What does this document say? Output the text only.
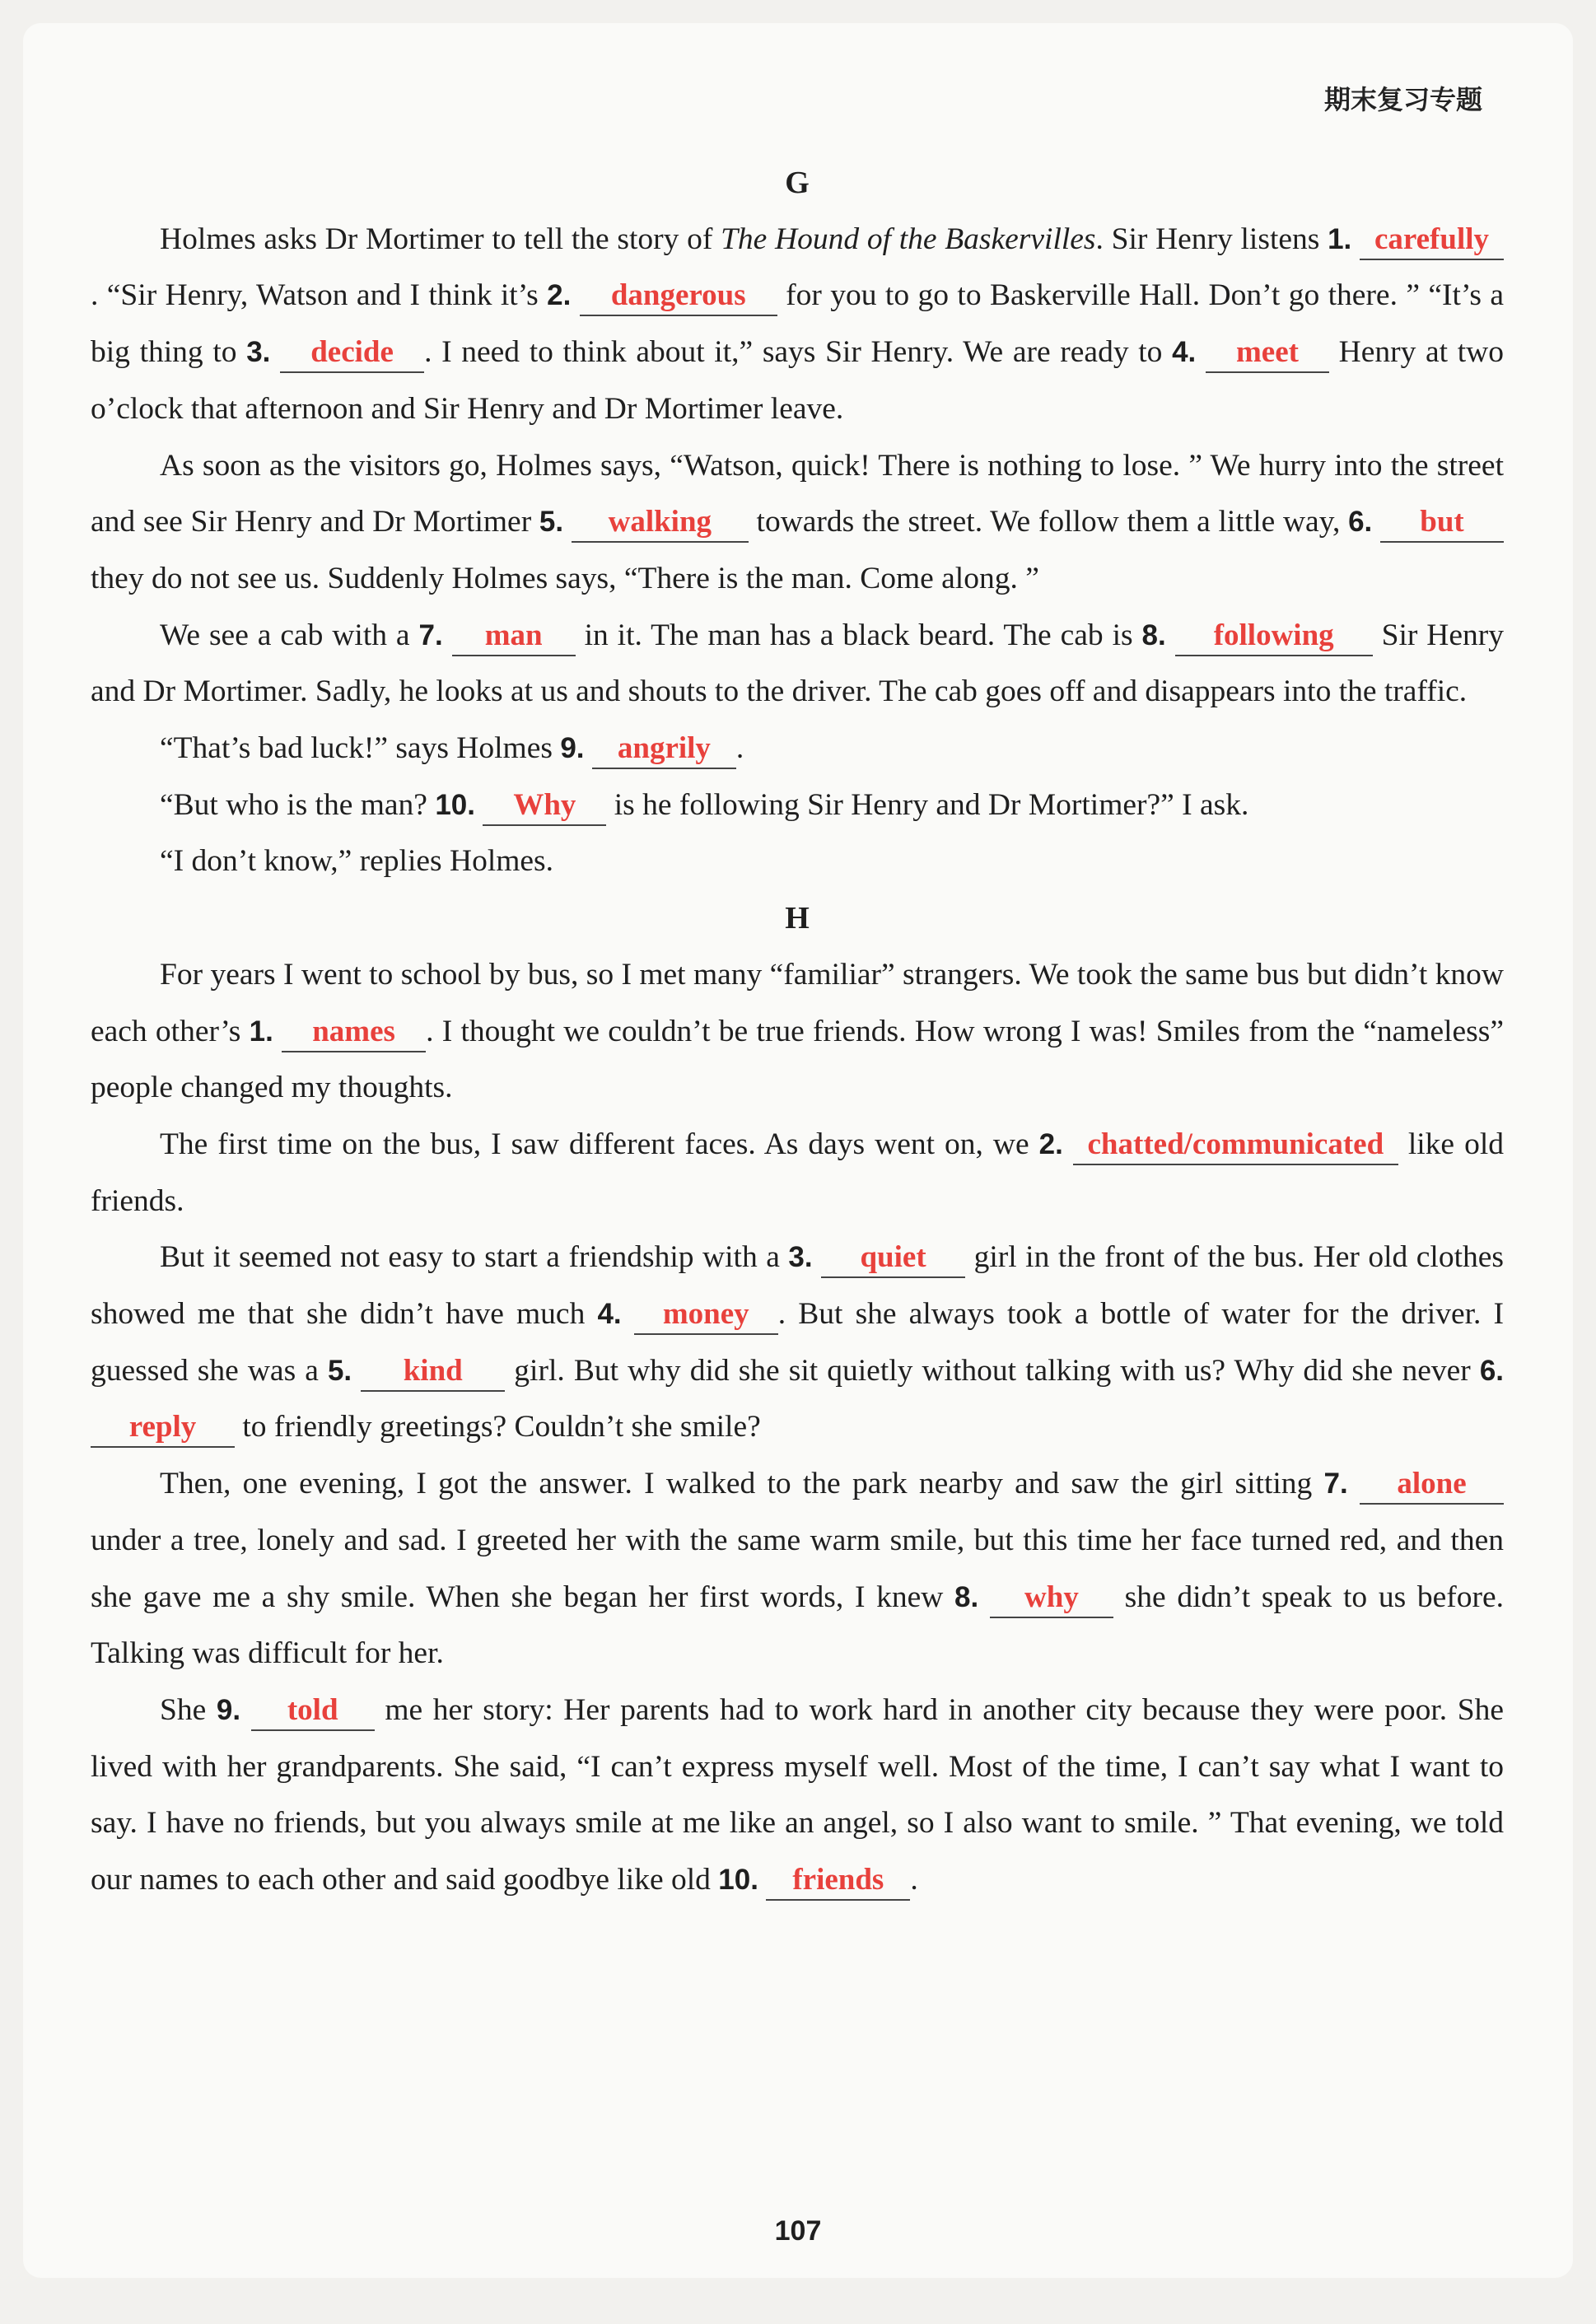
期末复习专题
G

Holmes asks Dr Mortimer to tell the story of The Hound of the Baskervilles. Sir Henry listens 1. carefully. “Sir Henry, Watson and I think it’s 2. dangerous for you to go to Baskerville Hall. Don’t go there. ” “It’s a big thing to 3. decide . I need to think about it,” says Sir Henry. We are ready to 4. meet Henry at two o’clock that afternoon and Sir Henry and Dr Mortimer leave.

As soon as the visitors go, Holmes says, “Watson, quick! There is nothing to lose. ” We hurry into the street and see Sir Henry and Dr Mortimer 5. walking towards the street. We follow them a little way, 6. but they do not see us. Suddenly Holmes says, “There is the man. Come along. ”

We see a cab with a 7. man in it. The man has a black beard. The cab is 8. following Sir Henry and Dr Mortimer. Sadly, he looks at us and shouts to the driver. The cab goes off and disappears into the traffic.

“That’s bad luck!” says Holmes 9. angrily .

“But who is the man? 10. Why is he following Sir Henry and Dr Mortimer?” I ask.

“I don’t know,” replies Holmes.

H

For years I went to school by bus, so I met many “familiar” strangers. We took the same bus but didn’t know each other’s 1. names . I thought we couldn’t be true friends. How wrong I was! Smiles from the “nameless” people changed my thoughts.

The first time on the bus, I saw different faces. As days went on, we 2. chatted/communicated like old friends.

But it seemed not easy to start a friendship with a 3. quiet girl in the front of the bus. Her old clothes showed me that she didn’t have much 4. money . But she always took a bottle of water for the driver. I guessed she was a 5. kind girl. But why did she sit quietly without talking with us? Why did she never 6. reply to friendly greetings? Couldn’t she smile?

Then, one evening, I got the answer. I walked to the park nearby and saw the girl sitting 7. alone under a tree, lonely and sad. I greeted her with the same warm smile, but this time her face turned red, and then she gave me a shy smile. When she began her first words, I knew 8. why she didn’t speak to us before. Talking was difficult for her.

She 9. told me her story: Her parents had to work hard in another city because they were poor. She lived with her grandparents. She said, “I can’t express myself well. Most of the time, I can’t say what I want to say. I have no friends, but you always smile at me like an angel, so I also want to smile. ” That evening, we told our names to each other and said goodbye like old 10. friends .

107
